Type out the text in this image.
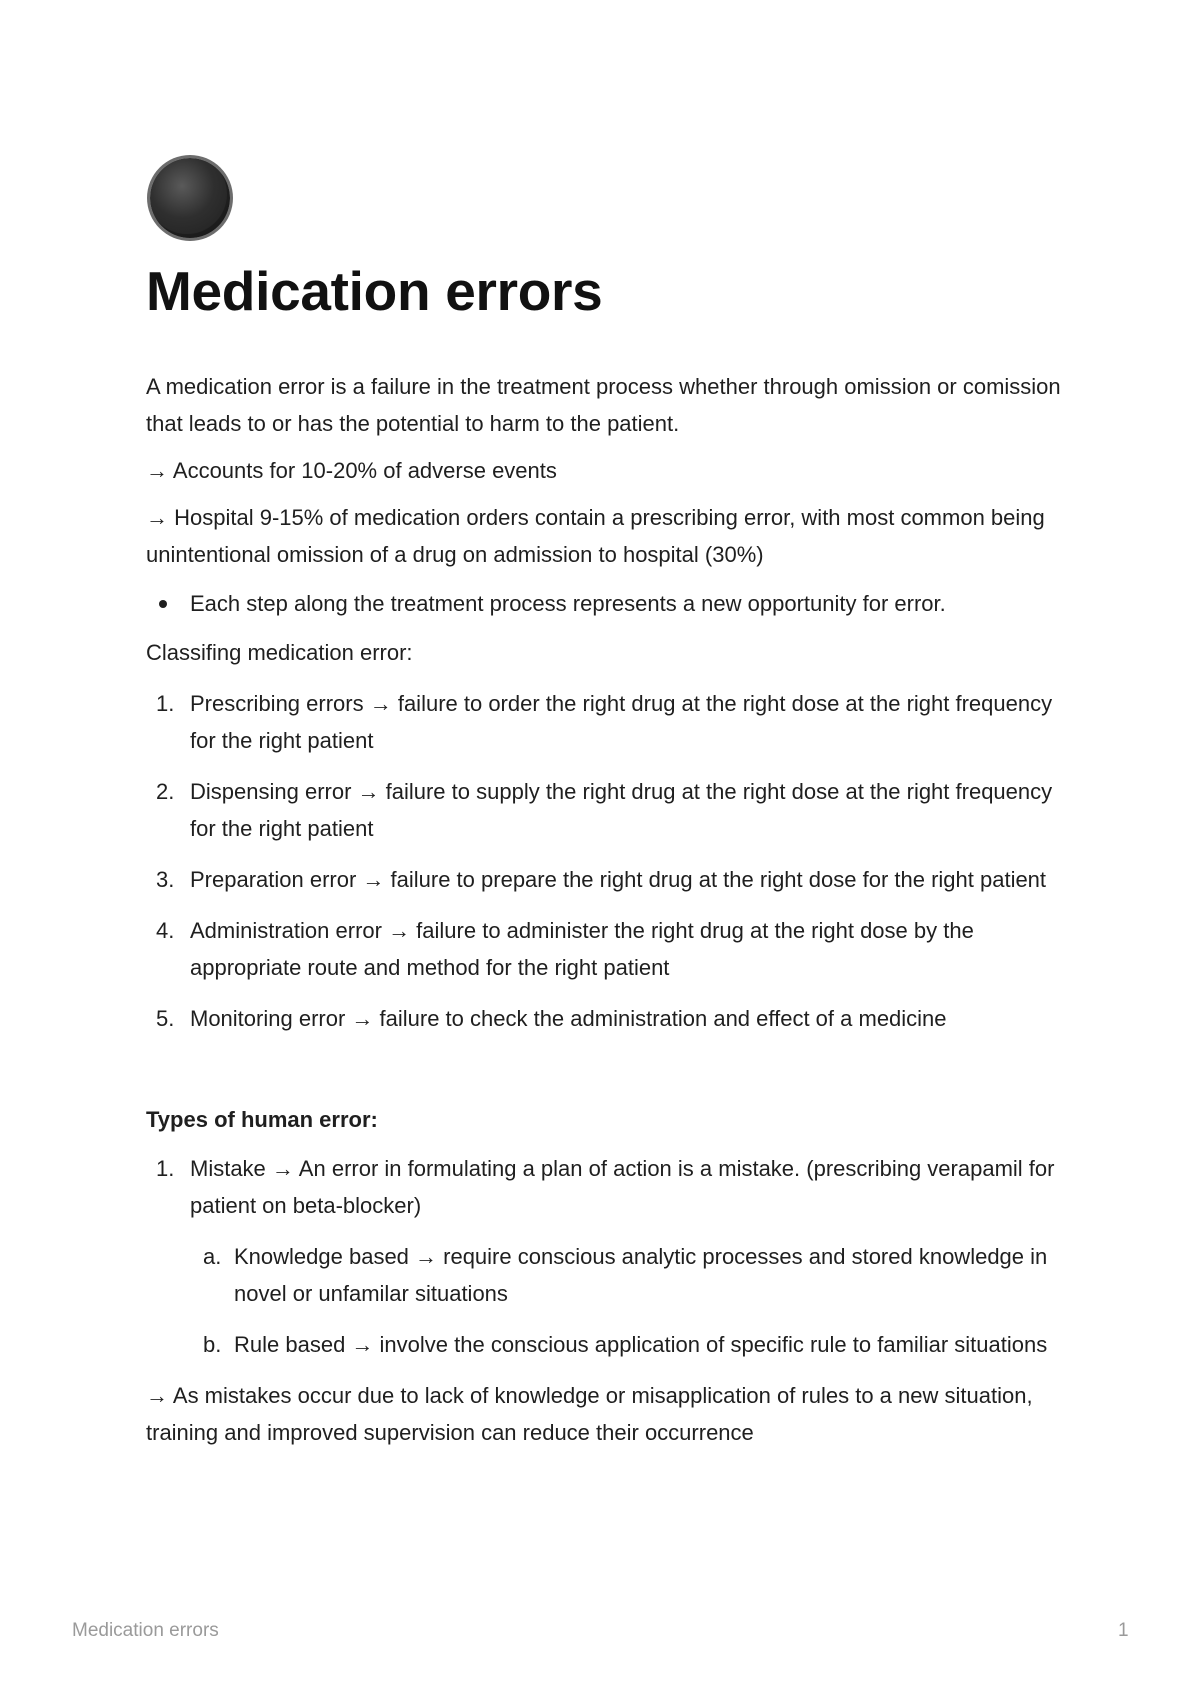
Medication errors

A medication error is a failure in the treatment process whether through omission or comission that leads to or has the potential to harm to the patient.

→ Accounts for 10-20% of adverse events

→ Hospital 9-15% of medication orders contain a prescribing error, with most common being unintentional omission of a drug on admission to hospital (30%)

Each step along the treatment process represents a new opportunity for error.

Classifing medication error:

1. Prescribing errors → failure to order the right drug at the right dose at the right frequency for the right patient
2. Dispensing error → failure to supply the right drug at the right dose at the right frequency for the right patient
3. Preparation error → failure to prepare the right drug at the right dose for the right patient
4. Administration error → failure to administer the right drug at the right dose by the appropriate route and method for the right patient
5. Monitoring error → failure to check the administration and effect of a medicine

Types of human error:

1. Mistake → An error in formulating a plan of action is a mistake. (prescribing verapamil for patient on beta-blocker)
a. Knowledge based → require conscious analytic processes and stored knowledge in novel or unfamilar situations
b. Rule based → involve the conscious application of specific rule to familiar situations

→ As mistakes occur due to lack of knowledge or misapplication of rules to a new situation, training and improved supervision can reduce their occurrence

Medication errors	1
